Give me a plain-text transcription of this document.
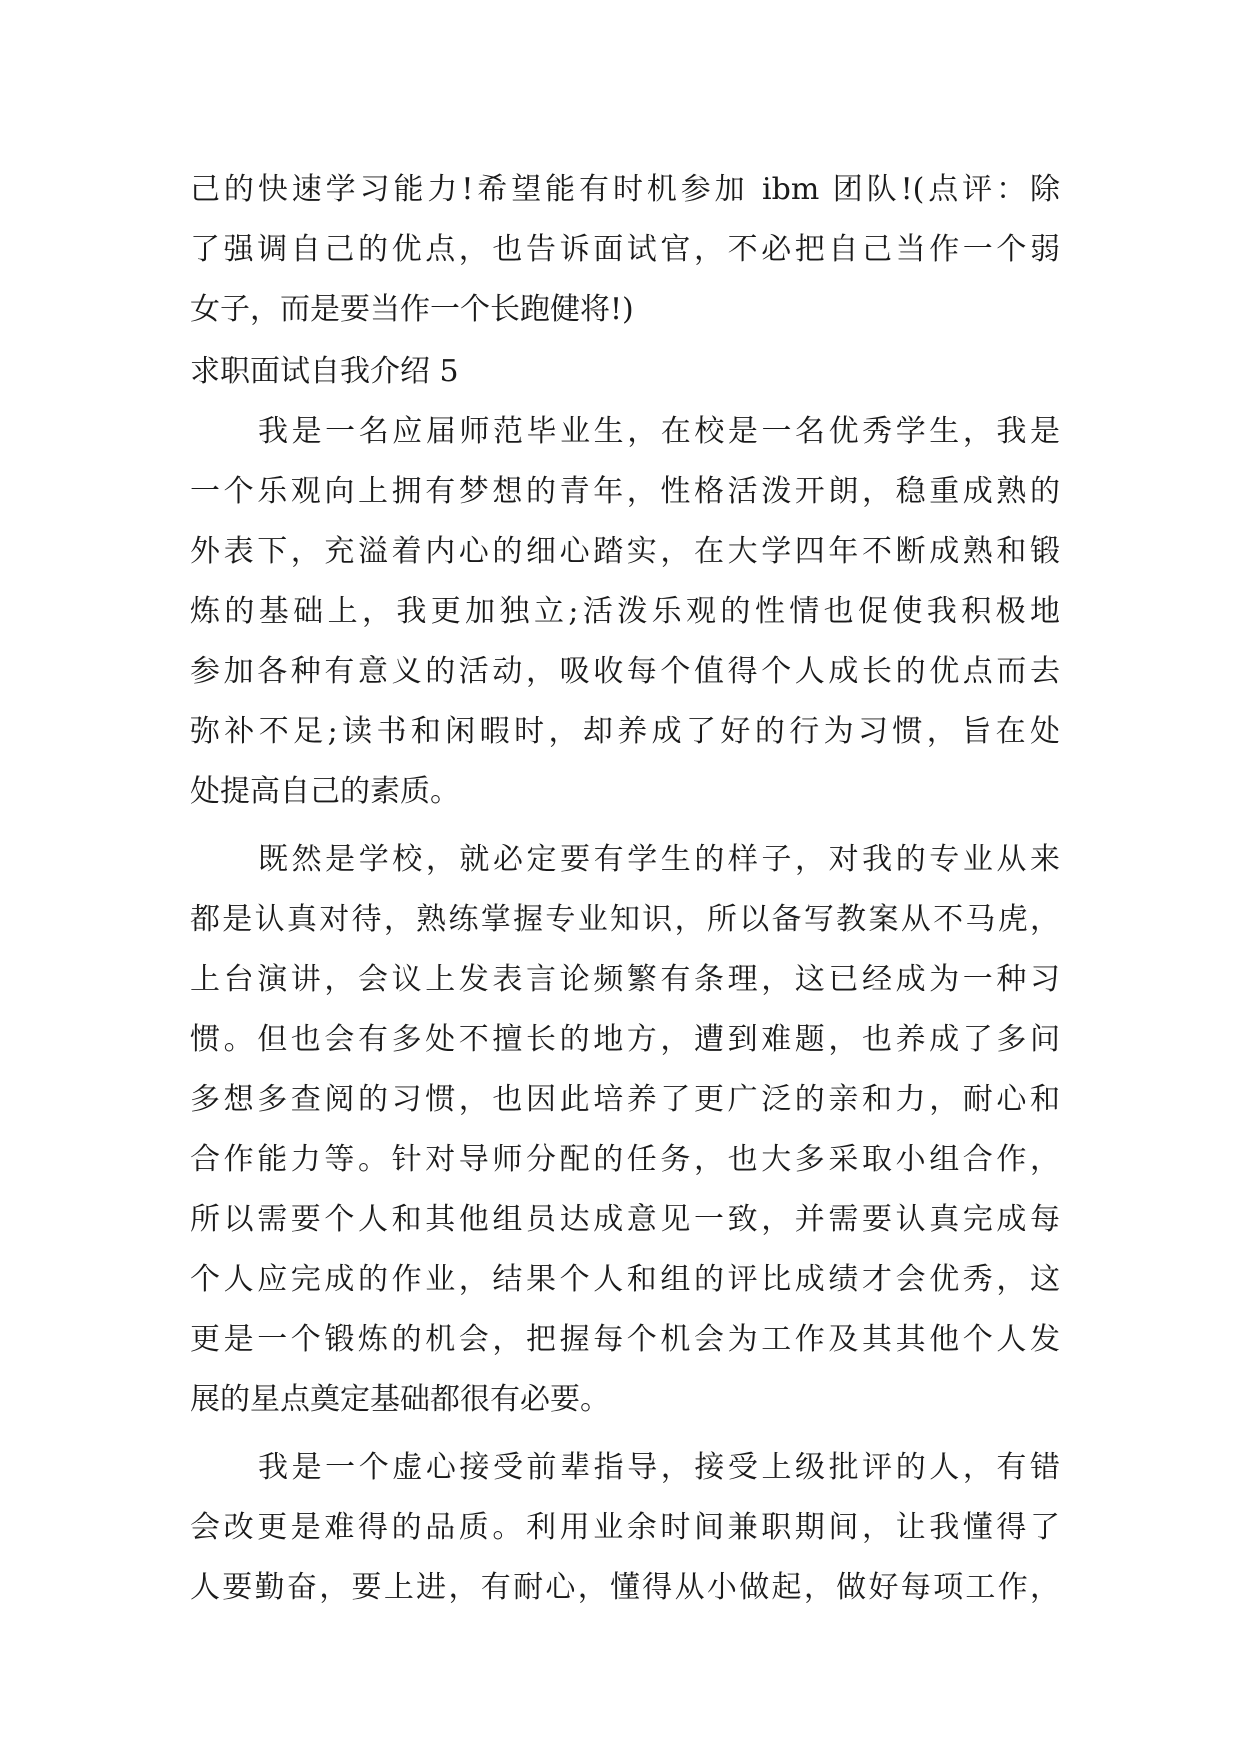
己的快速学习能力!希望能有时机参加 ibm 团队!(点评：除
了强调自己的优点，也告诉面试官，不必把自己当作一个弱
女子，而是要当作一个长跑健将!)
求职面试自我介绍 5
我是一名应届师范毕业生，在校是一名优秀学生，我是
一个乐观向上拥有梦想的青年，性格活泼开朗，稳重成熟的
外表下，充溢着内心的细心踏实，在大学四年不断成熟和锻
炼的基础上，我更加独立;活泼乐观的性情也促使我积极地
参加各种有意义的活动，吸收每个值得个人成长的优点而去
弥补不足;读书和闲暇时，却养成了好的行为习惯，旨在处
处提高自己的素质。
既然是学校，就必定要有学生的样子，对我的专业从来
都是认真对待，熟练掌握专业知识，所以备写教案从不马虎，
上台演讲，会议上发表言论频繁有条理，这已经成为一种习
惯。但也会有多处不擅长的地方，遭到难题，也养成了多问
多想多查阅的习惯，也因此培养了更广泛的亲和力，耐心和
合作能力等。针对导师分配的任务，也大多采取小组合作，
所以需要个人和其他组员达成意见一致，并需要认真完成每
个人应完成的作业，结果个人和组的评比成绩才会优秀，这
更是一个锻炼的机会，把握每个机会为工作及其其他个人发
展的星点奠定基础都很有必要。
我是一个虚心接受前辈指导，接受上级批评的人，有错
会改更是难得的品质。利用业余时间兼职期间，让我懂得了
人要勤奋，要上进，有耐心，懂得从小做起，做好每项工作，
